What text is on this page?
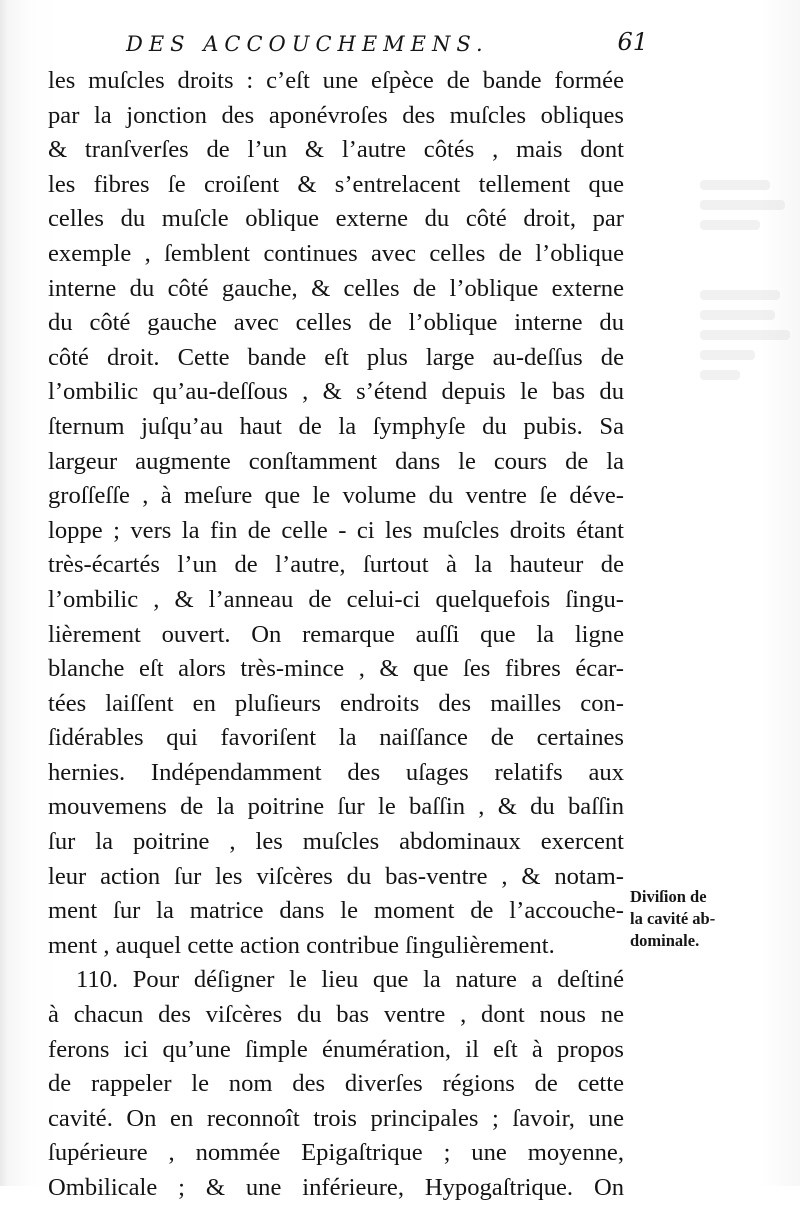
DES ACCOUCHEMENS.	61
les muſcles droits : c’eſt une eſpèce de bande formée
par la jonction des aponévroſes des muſcles obliques
& tranſverſes de l’un & l’autre côtés , mais dont
les fibres ſe croiſent & s’entrelacent tellement que
celles du muſcle oblique externe du côté droit, par
exemple , ſemblent continues avec celles de l’oblique
interne du côté gauche, & celles de l’oblique externe
du côté gauche avec celles de l’oblique interne du
côté droit. Cette bande eſt plus large au-deſſus de
l’ombilic qu’au-deſſous , & s’étend depuis le bas du
ſternum juſqu’au haut de la ſymphyſe du pubis. Sa
largeur augmente conſtamment dans le cours de la
groſſeſſe , à meſure que le volume du ventre ſe déve-
loppe ; vers la fin de celle - ci les muſcles droits étant
très-écartés l’un de l’autre, ſurtout à la hauteur de
l’ombilic , & l’anneau de celui-ci quelquefois ſingu-
lièrement ouvert. On remarque auſſi que la ligne
blanche eſt alors très-mince , & que ſes fibres écar-
tées laiſſent en pluſieurs endroits des mailles con-
ſidérables qui favoriſent la naiſſance de certaines
hernies. Indépendamment des uſages relatifs aux
mouvemens de la poitrine ſur le baſſin , & du baſſin
ſur la poitrine , les muſcles abdominaux exercent
leur action ſur les viſcères du bas-ventre , & notam-
ment ſur la matrice dans le moment de l’accouche-
ment , auquel cette action contribue ſingulièrement.
110. Pour déſigner le lieu que la nature a deſtiné
à chacun des viſcères du bas ventre , dont nous ne
ferons ici qu’une ſimple énumération, il eſt à propos
de rappeler le nom des diverſes régions de cette
cavité. On en reconnoît trois principales ; ſavoir, une
ſupérieure , nommée Epigaſtrique ; une moyenne,
Ombilicale ; & une inférieure, Hypogaſtrique. On
Diviſion de
la cavité ab-
dominale.
